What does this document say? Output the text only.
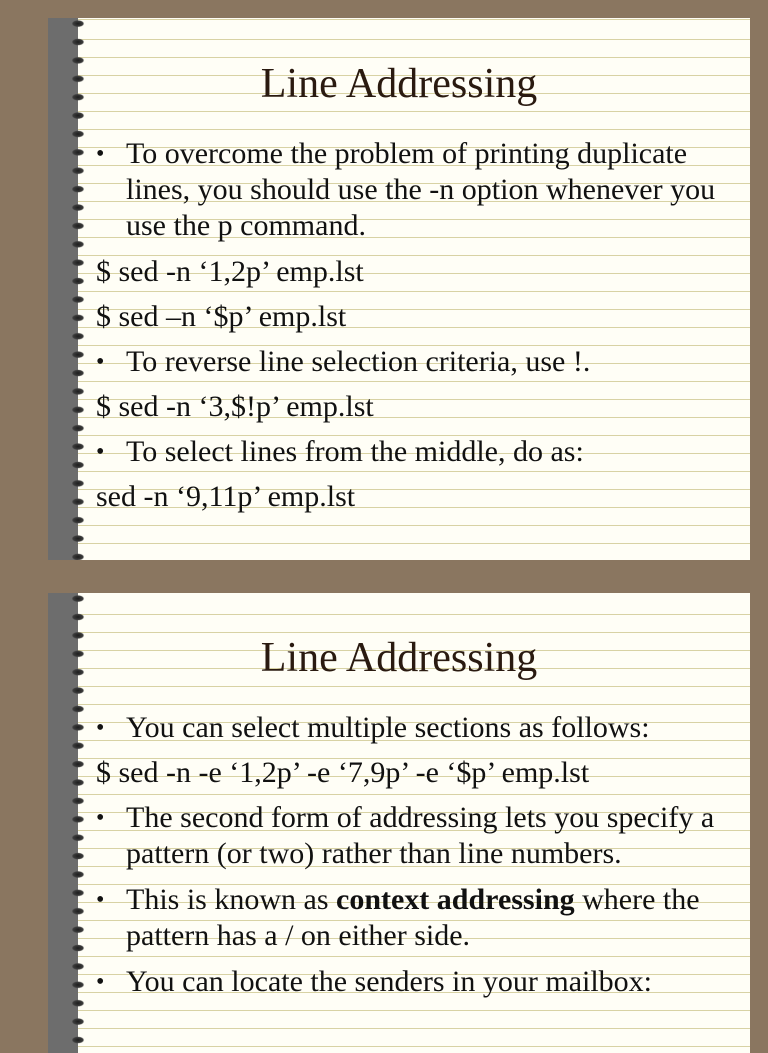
Line Addressing
• To overcome the problem of printing duplicate lines, you should use the -n option whenever you use the p command.
$ sed -n ‘1,2p’ emp.lst
$ sed –n ‘$p’ emp.lst
• To reverse line selection criteria, use !.
$ sed -n ‘3,$!p’ emp.lst
• To select lines from the middle, do as:
sed -n ‘9,11p’ emp.lst
Line Addressing
• You can select multiple sections as follows:
$ sed -n -e ‘1,2p’ -e ‘7,9p’ -e ‘$p’ emp.lst
• The second form of addressing lets you specify a pattern (or two) rather than line numbers.
• This is known as context addressing where the pattern has a / on either side.
• You can locate the senders in your mailbox:
